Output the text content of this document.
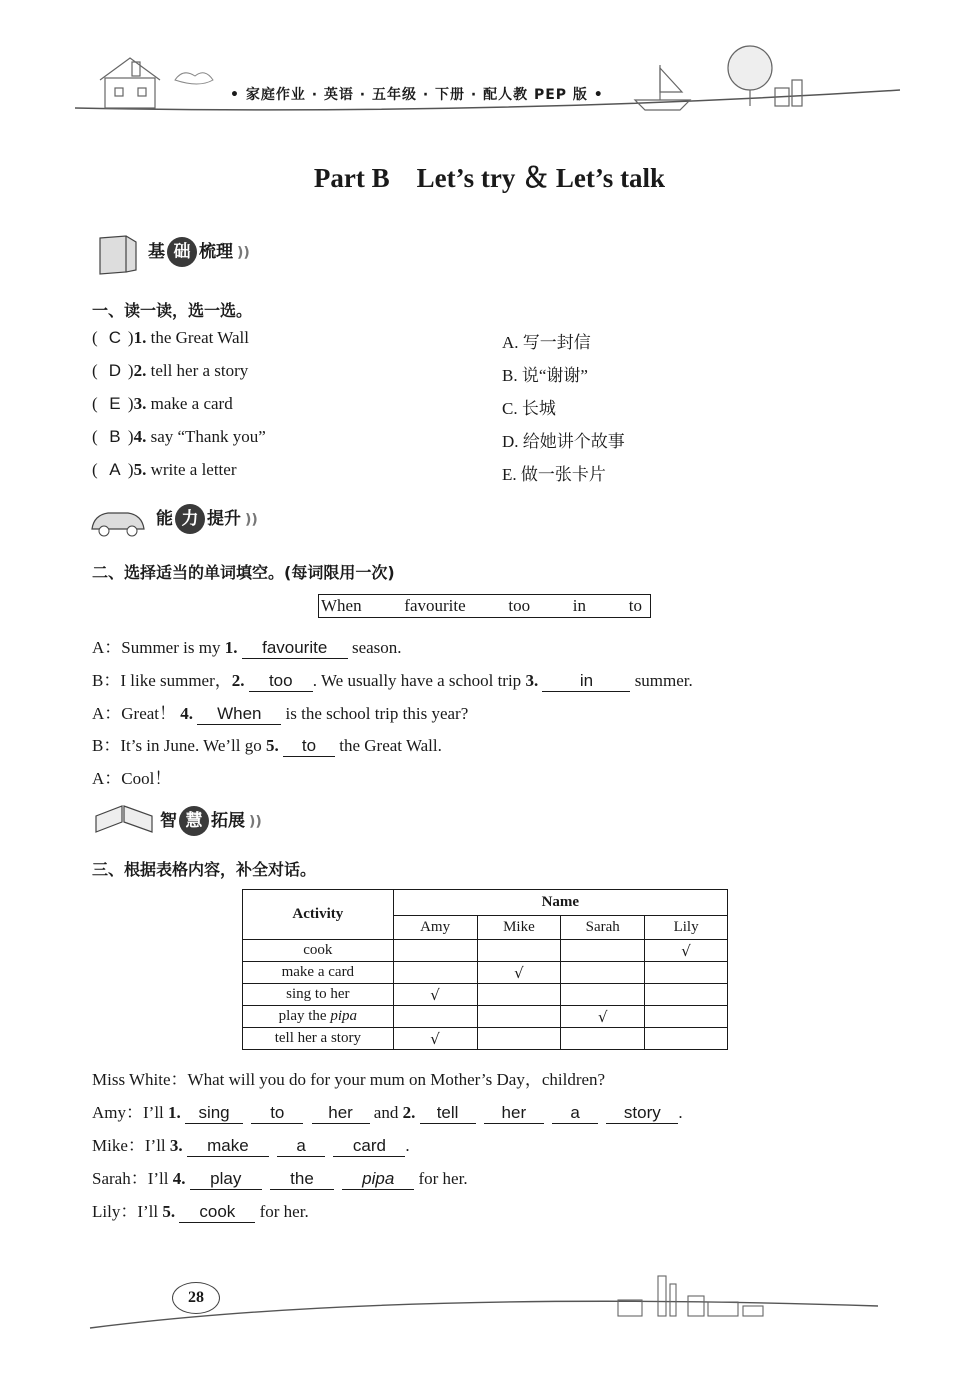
• 家庭作业 · 英语 · 五年级 · 下册 · 配人教 PEP 版 •
Part B　Let’s try ＆ Let’s talk
基 础 梳理 ))
一、读一读，选一选。
( C )1. the Great Wall
( D )2. tell her a story
( E )3. make a card
( B )4. say “Thank you”
( A )5. write a letter
A. 写一封信
B. 说“谢谢”
C. 长城
D. 给她讲个故事
E. 做一张卡片
能 力 提升 ))
二、选择适当的单词填空。(每词限用一次)
When	favourite	too	in	to
A：Summer is my 1. favourite season.
B：I like summer，2. too . We usually have a school trip 3. in summer.
A：Great！ 4. When is the school trip this year?
B：It’s in June. We’ll go 5. to the Great Wall.
A：Cool！
智 慧 拓展 ))
三、根据表格内容，补全对话。
Activity	Name			
	Amy	Mike	Sarah	Lily
cook				√
make a card		√		
sing to her	√			
play the pipa			√	
tell her a story	√			
Miss White：What will you do for your mum on Mother’s Day，children?
Amy：I’ll 1. sing to	her and 2. tell	her	a	story .
Mike：I’ll 3. make	a	card .
Sarah：I’ll 4. play	the	pipa for her.
Lily：I’ll 5. cook for her.
28
